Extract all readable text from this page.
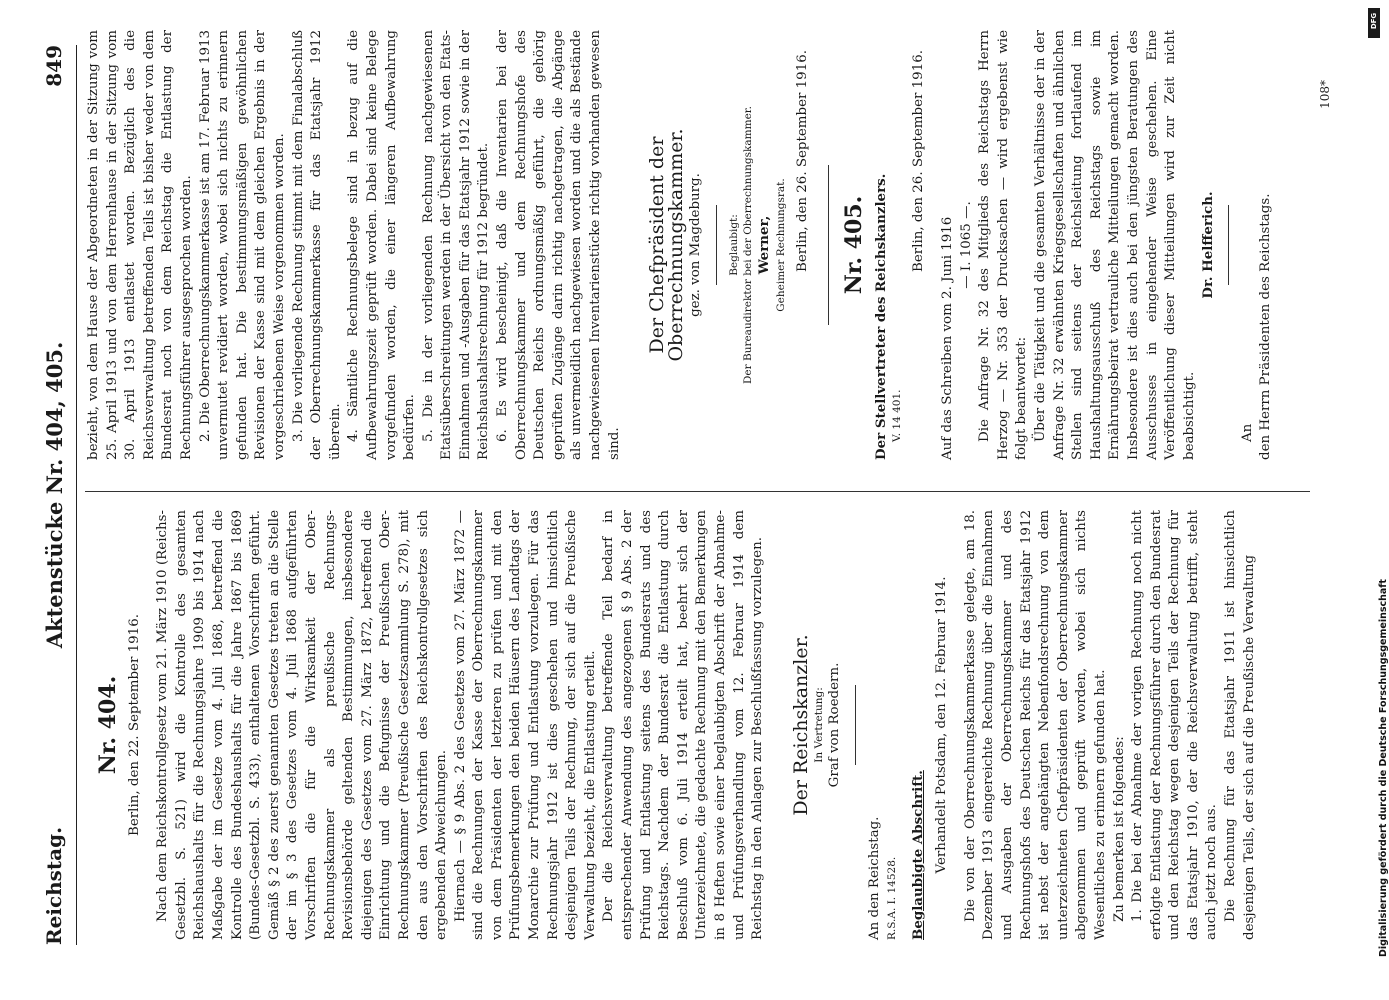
Reichstag.
Aktenstücke Nr. 404, 405.
849
Nr. 404. Berlin, den 22. September 1916. Nach dem Reichskontrollgesetz vom 21. März 1910 (Reichs-Gesetzbl. S. 521) wird die Kontrolle des gesamten Reichshaushalts für die Rechnungsjahre 1909 bis 1914 nach Maßgabe der im Gesetze vom 4. Juli 1868, betreffend die Kontrolle des Bundeshaushalts für die Jahre 1867 bis 1869 (Bundes-Gesetzbl. S. 433), enthaltenen Vorschriften geführt. Gemäß § 2 des zuerst genannten Gesetzes treten an die Stelle der im § 3 des Gesetzes vom 4. Juli 1868 aufgeführten Vorschriften die für die Wirksamkeit der Ober-Rechnungskammer als preußische Rechnungs-Revisionsbehörde geltenden Bestimmungen, insbesondere diejenigen des Gesetzes vom 27. März 1872, betreffend die Einrichtung und die Befugnisse der Preußischen Ober-Rechnungskammer (Preußische Gesetzsammlung S. 278), mit den aus den Vorschriften des Reichskontrollgesetzes sich ergebenden Abweichungen. Hiernach — § 9 Abs. 2 des Gesetzes vom 27. März 1872 — sind die Rechnungen der Kasse der Oberrechnungskammer von dem Präsidenten der letzteren zu prüfen und mit den Prüfungsbemerkungen den beiden Häusern des Landtags der Monarchie zur Prüfung und Entlastung vorzulegen. Für das Rechnungsjahr 1912 ist dies geschehen und hinsichtlich desjenigen Teils der Rechnung, der sich auf die Preußische Verwaltung bezieht, die Entlastung erteilt. Der die Reichsverwaltung betreffende Teil bedarf in entsprechender Anwendung des angezogenen § 9 Abs. 2 der Prüfung und Entlastung seitens des Bundesrats und des Reichstags. Nachdem der Bundesrat die Entlastung durch Beschluß vom 6. Juli 1914 erteilt hat, beehrt sich der Unterzeichnete, die gedachte Rechnung mit den Bemerkungen in 8 Heften sowie einer beglaubigten Abschrift der Abnahme- und Prüfungsverhandlung vom 12. Februar 1914 dem Reichstag in den Anlagen zur Beschlußfassung vorzulegen. Der Reichskanzler. In Vertretung: Graf von Roedern.

An den Reichstag. R.S.A. I. 14528. Beglaubigte Abschrift. Verhandelt Potsdam, den 12. Februar 1914. Die von der Oberrechnungskammerkasse gelegte, am 18. Dezember 1913 eingereichte Rechnung über die Einnahmen und Ausgaben der Oberrechnungskammer und des Rechnungshofs des Deutschen Reichs für das Etatsjahr 1912 ist nebst der angehängten Nebenfondsrechnung von dem unterzeichneten Chefpräsidenten der Oberrechnungskammer abgenommen und geprüft worden, wobei sich nichts Wesentliches zu erinnern gefunden hat. Zu bemerken ist folgendes: 1. Die bei der Abnahme der vorigen Rechnung noch nicht erfolgte Entlastung der Rechnungsführer durch den Bundesrat und den Reichstag wegen desjenigen Teils der Rechnung für das Etatsjahr 1910, der die Reichsverwaltung betrifft, steht auch jetzt noch aus. Die Rechnung für das Etatsjahr 1911 ist hinsichtlich desjenigen Teils, der sich auf die Preußische Verwaltung

bezieht, von dem Hause der Abgeordneten in der Sitzung vom 25. April 1913 und von dem Herrenhause in der Sitzung vom 30. April 1913 entlastet worden. Bezüglich des die Reichsverwaltung betreffenden Teils ist bisher weder von dem Bundesrat noch von dem Reichstag die Entlastung der Rechnungsführer ausgesprochen worden. 2. Die Oberrechnungskammerkasse ist am 17. Februar 1913 unvermutet revidiert worden, wobei sich nichts zu erinnern gefunden hat. Die bestimmungsmäßigen gewöhnlichen Revisionen der Kasse sind mit dem gleichen Ergebnis in der vorgeschriebenen Weise vorgenommen worden. 3. Die vorliegende Rechnung stimmt mit dem Finalabschluß der Oberrechnungskammerkasse für das Etatsjahr 1912 überein. 4. Sämtliche Rechnungsbelege sind in bezug auf die Aufbewahrungszeit geprüft worden. Dabei sind keine Belege vorgefunden worden, die einer längeren Aufbewahrung bedürfen. 5. Die in der vorliegenden Rechnung nachgewiesenen Etatsüberschreitungen werden in der Übersicht von den Etats-Einnahmen und -Ausgaben für das Etatsjahr 1912 sowie in der Reichshaushaltsrechnung für 1912 begründet. 6. Es wird bescheinigt, daß die Inventarien bei der Oberrechnungskammer und dem Rechnungshofe des Deutschen Reichs ordnungsmäßig geführt, die gehörig geprüften Zugänge darin richtig nachgetragen, die Abgänge als unvermeidlich nachgewiesen worden und die als Bestände nachgewiesenen Inventarienstücke richtig vorhanden gewesen sind.

Der Chefpräsident der Oberrechnungskammer. gez. von Magdeburg. Beglaubigt: Der Bureaudirektor bei der Oberrechnungskammer. Werner, Geheimer Rechnungsrat. Berlin, den 26. September 1916. Nr. 405. Der Stellvertreter des Reichskanzlers. V. 14 401.

Berlin, den 26. September 1916.

Auf das Schreiben vom 2. Juni 1916 — I. 1065 —. Die Anfrage Nr. 32 des Mitglieds des Reichstags Herrn Herzog — Nr. 353 der Drucksachen — wird ergebenst wie folgt beantwortet: Über die Tätigkeit und die gesamten Verhältnisse der in der Anfrage Nr. 32 erwähnten Kriegsgesellschaften und ähnlichen Stellen sind seitens der Reichsleitung fortlaufend im Haushaltungsausschuß des Reichstags sowie im Ernährungsbeirat vertrauliche Mitteilungen gemacht worden. Insbesondere ist dies auch bei den jüngsten Beratungen des Ausschusses in eingehender Weise geschehen. Eine Veröffentlichung dieser Mitteilungen wird zur Zeit nicht beabsichtigt.

Dr. Helfferich.

An den Herrn Präsidenten des Reichstags.

108*
Digitalisierung gefördert durch die Deutsche Forschungsgemeinschaft
DFG
